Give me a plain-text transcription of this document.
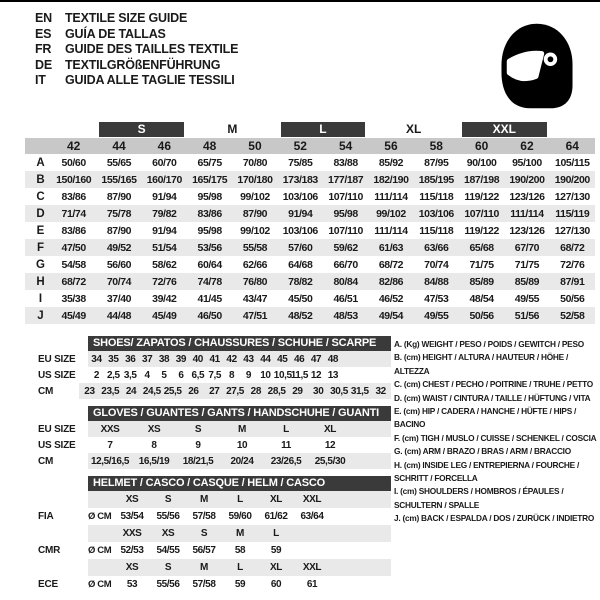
EN	TEXTILE SIZE GUIDE
ES	GUÍA DE TALLAS
FR	GUIDE DES TAILLES TEXTILE
DE	TEXTILGRÖßENFÜHRUNG
IT	GUIDA ALLE TAGLIE TESSILI

		S		M		L		XL		XXL		

	42	44	46	48	50	52	54	56	58	60	62	64
A	50/60	55/65	60/70	65/75	70/80	75/85	83/88	85/92	87/95	90/100	95/100	105/115
B	150/160	155/165	160/170	165/175	170/180	173/183	177/187	182/190	185/195	187/198	190/200	190/200
C	83/86	87/90	91/94	95/98	99/102	103/106	107/110	111/114	115/118	119/122	123/126	127/130
D	71/74	75/78	79/82	83/86	87/90	91/94	95/98	99/102	103/106	107/110	111/114	115/119
E	83/86	87/90	91/94	95/98	99/102	103/106	107/110	111/114	115/118	119/122	123/126	127/130
F	47/50	49/52	51/54	53/56	55/58	57/60	59/62	61/63	63/66	65/68	67/70	68/72
G	54/58	56/60	58/62	60/64	62/66	64/68	66/70	68/72	70/74	71/75	71/75	72/76
H	68/72	70/74	72/76	74/78	76/80	78/82	80/84	82/86	84/88	85/89	85/89	87/91
I	35/38	37/40	39/42	41/45	43/47	45/50	46/51	46/52	47/53	48/54	49/55	50/56
J	45/49	44/48	45/49	46/50	47/51	48/52	48/53	49/54	49/55	50/56	51/56	52/58
SHOES/ ZAPATOS / CHAUSSURES / SCHUHE / SCARPE
EU SIZE	34 35 36 37 38 39 40 41 42 43 44 45 46 47 48
US SIZE	2 2,5 3,5 4	5	6 6,5 7,5 8	9 10 10,5 11,5 12 13
CM	23 23,5 24 24,5 25,5 26	27 27,5 28 28,5 29	30 30,5 31,5 32
GLOVES / GUANTES / GANTS / HANDSCHUHE / GUANTI
EU SIZE	XXS	XS	S	M	L	XL
US SIZE	7	8	9	10	11	12
CM	12,5/16,5 16,5/19	18/21,5	20/24	23/26,5	25,5/30
HELMET / CASCO / CASQUE / HELM / CASCO
XS	S	M	L	XL	XXL
FIA	Ø CM 53/54	55/56	57/58	59/60	61/62	63/64
XXS	XS	S	M	L
CMR	Ø CM 52/53	54/55	56/57	58	59
XS	S	M	L	XL	XXL
ECE	Ø CM	53	55/56	57/58	59	60	61
A. (Kg) WEIGHT / PESO / POIDS / GEWITCH / PESO
B. (cm) HEIGHT / ALTURA / HAUTEUR / HÖHE / ALTEZZA
C. (cm) CHEST / PECHO / POITRINE / TRUHE / PETTO
D. (cm) WAIST / CINTURA / TAILLE / HÜFTUNG / VITA
E. (cm) HIP / CADERA / HANCHE / HÜFTE / HIPS / BACINO
F. (cm) TIGH / MUSLO / CUISSE / SCHENKEL / COSCIA
G. (cm) ARM / BRAZO / BRAS / ARM / BRACCIO
H. (cm) INSIDE LEG / ENTREPIERNA / FOURCHE / SCHRITT / FORCELLA
I. (cm) SHOULDERS / HOMBROS / ÉPAULES / SCHULTERN / SPALLE
J. (cm) BACK / ESPALDA / DOS / ZURÜCK / INDIETRO
